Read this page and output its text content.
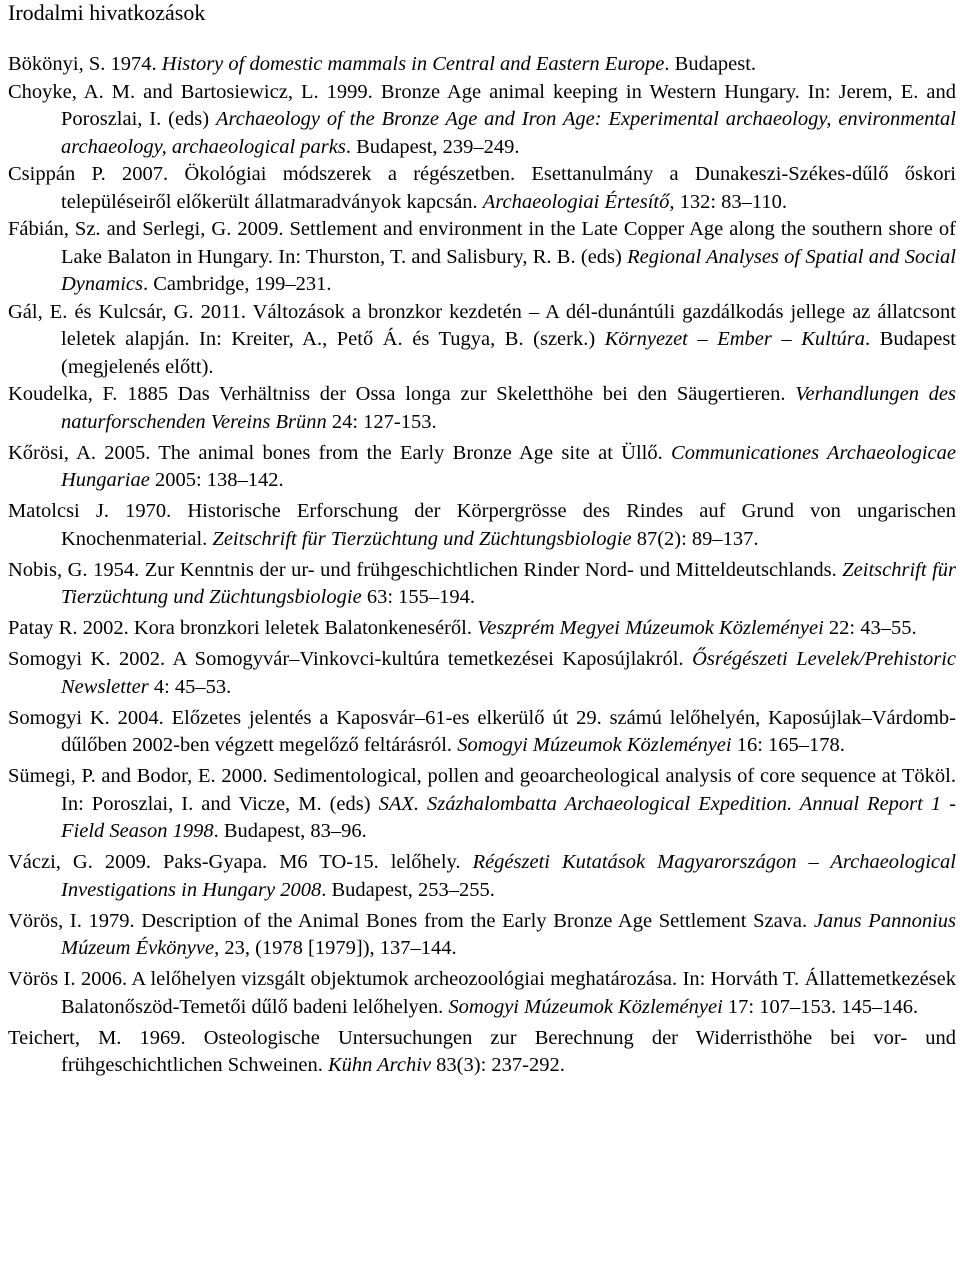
Irodalmi hivatkozások
Bökönyi, S. 1974. History of domestic mammals in Central and Eastern Europe. Budapest.
Choyke, A. M. and Bartosiewicz, L. 1999. Bronze Age animal keeping in Western Hungary. In: Jerem, E. and Poroszlai, I. (eds) Archaeology of the Bronze Age and Iron Age: Experimental archaeology, environmental archaeology, archaeological parks. Budapest, 239–249.
Csippán P. 2007. Ökológiai módszerek a régészetben. Esettanulmány a Dunakeszi-Székes-dűlő őskori településeiről előkerült állatmaradványok kapcsán. Archaeologiai Értesítő, 132: 83–110.
Fábián, Sz. and Serlegi, G. 2009. Settlement and environment in the Late Copper Age along the southern shore of Lake Balaton in Hungary. In: Thurston, T. and Salisbury, R. B. (eds) Regional Analyses of Spatial and Social Dynamics. Cambridge, 199–231.
Gál, E. és Kulcsár, G. 2011. Változások a bronzkor kezdetén – A dél-dunántúli gazdálkodás jellege az állatcsont leletek alapján. In: Kreiter, A., Pető Á. és Tugya, B. (szerk.) Környezet – Ember – Kultúra. Budapest (megjelenés előtt).
Koudelka, F. 1885 Das Verhältniss der Ossa longa zur Skeletthöhe bei den Säugertieren. Verhandlungen des naturforschenden Vereins Brünn 24: 127-153.
Kőrösi, A. 2005. The animal bones from the Early Bronze Age site at Üllő. Communicationes Archaeologicae Hungariae 2005: 138–142.
Matolcsi J. 1970. Historische Erforschung der Körpergrösse des Rindes auf Grund von ungarischen Knochenmaterial. Zeitschrift für Tierzüchtung und Züchtungsbiologie 87(2): 89–137.
Nobis, G. 1954. Zur Kenntnis der ur- und frühgeschichtlichen Rinder Nord- und Mitteldeutschlands. Zeitschrift für Tierzüchtung und Züchtungsbiologie 63: 155–194.
Patay R. 2002. Kora bronzkori leletek Balatonkeneséről. Veszprém Megyei Múzeumok Közleményei 22: 43–55.
Somogyi K. 2002. A Somogyvár–Vinkovci-kultúra temetkezései Kaposújlakról. Ősrégészeti Levelek/Prehistoric Newsletter 4: 45–53.
Somogyi K. 2004. Előzetes jelentés a Kaposvár–61-es elkerülő út 29. számú lelőhelyén, Kaposújlak–Várdomb-dűlőben 2002-ben végzett megelőző feltárásról. Somogyi Múzeumok Közleményei 16: 165–178.
Sümegi, P. and Bodor, E. 2000. Sedimentological, pollen and geoarcheological analysis of core sequence at Tököl. In: Poroszlai, I. and Vicze, M. (eds) SAX. Százhalombatta Archaeological Expedition. Annual Report 1 - Field Season 1998. Budapest, 83–96.
Váczi, G. 2009. Paks-Gyapa. M6 TO-15. lelőhely. Régészeti Kutatások Magyarországon – Archaeological Investigations in Hungary 2008. Budapest, 253–255.
Vörös, I. 1979. Description of the Animal Bones from the Early Bronze Age Settlement Szava. Janus Pannonius Múzeum Évkönyve, 23, (1978 [1979]), 137–144.
Vörös I. 2006. A lelőhelyen vizsgált objektumok archeozoológiai meghatározása. In: Horváth T. Állattemetkezések Balatonőszöd-Temetői dűlő badeni lelőhelyen. Somogyi Múzeumok Közleményei 17: 107–153. 145–146.
Teichert, M. 1969. Osteologische Untersuchungen zur Berechnung der Widerristhöhe bei vor- und frühgeschichtlichen Schweinen. Kühn Archiv 83(3): 237-292.
